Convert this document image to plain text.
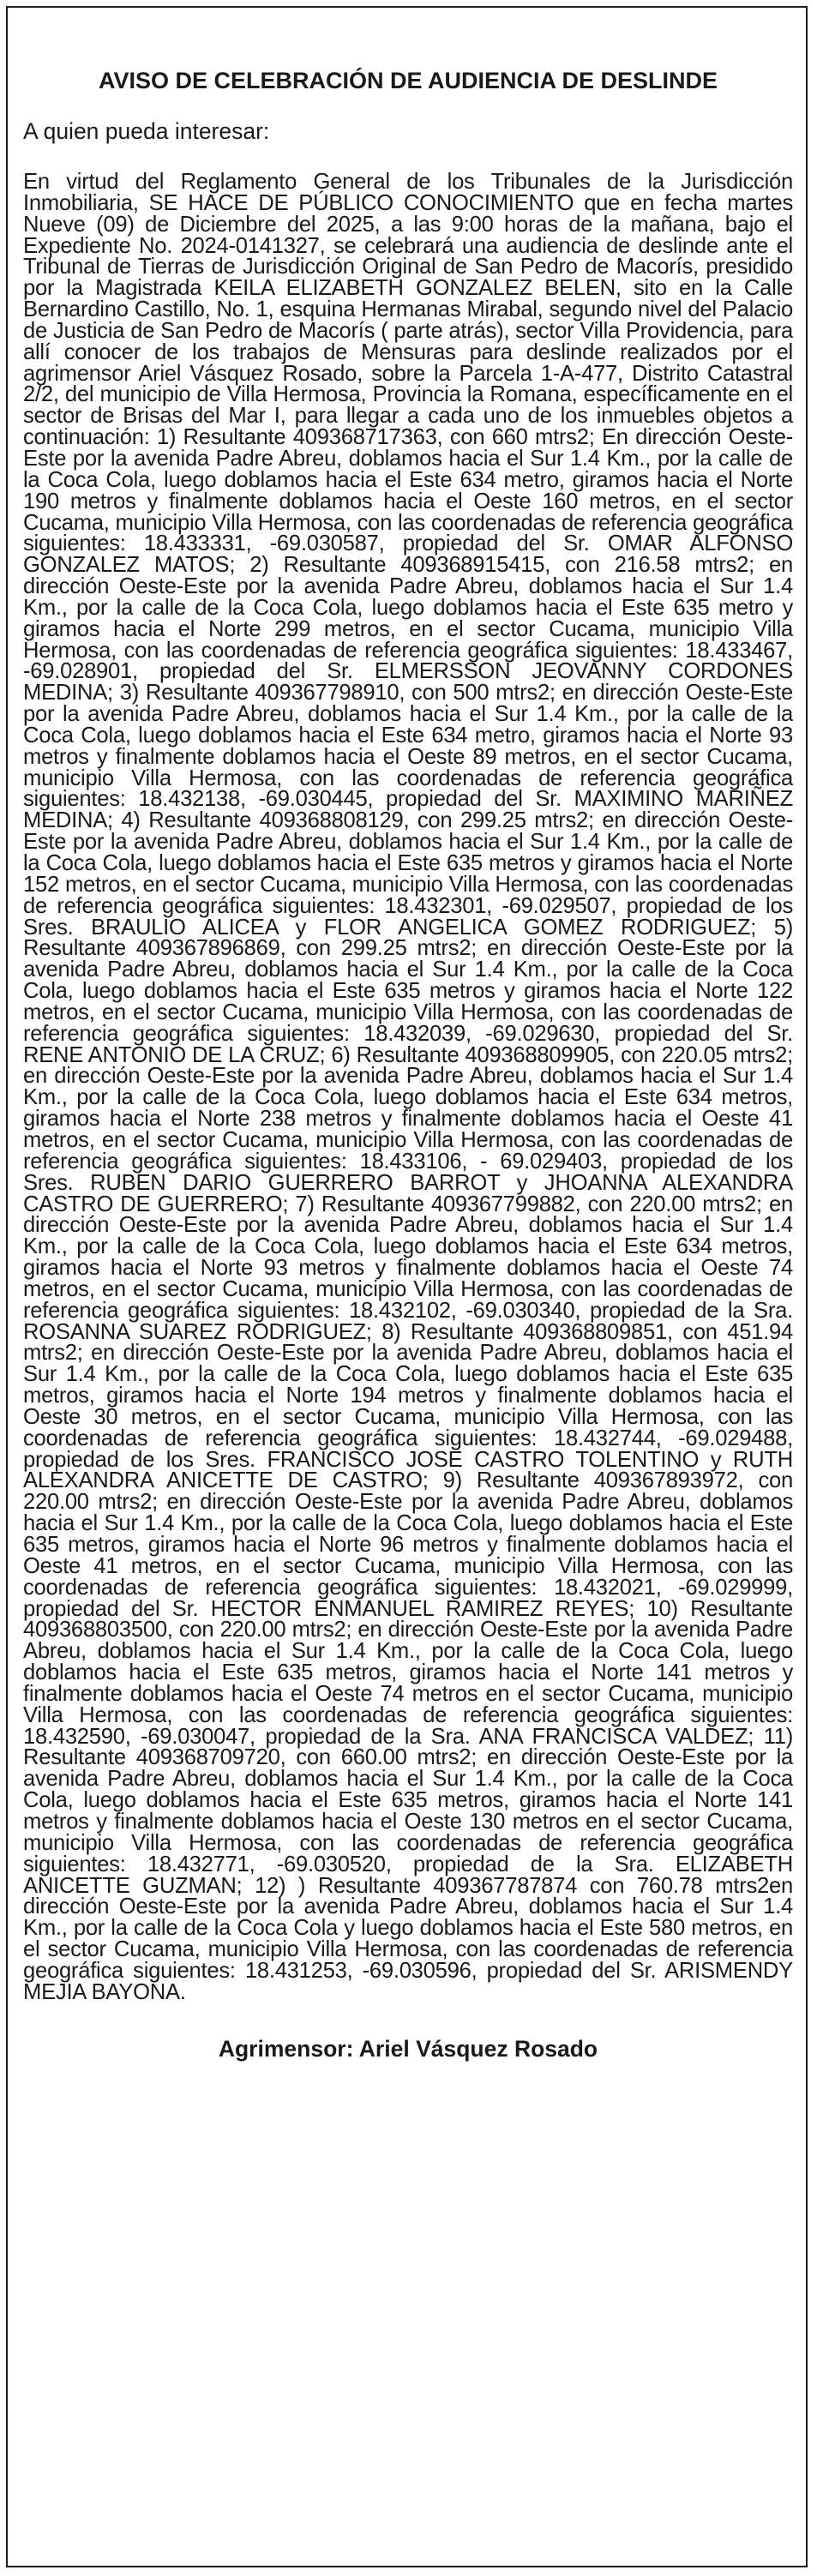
AVISO DE CELEBRACIÓN DE AUDIENCIA DE DESLINDE
A quien pueda interesar:
En virtud del Reglamento General de los Tribunales de la Jurisdicción Inmobiliaria, SE HACE DE PÚBLICO CONOCIMIENTO que en fecha martes Nueve (09) de Diciembre del 2025, a las 9:00 horas de la mañana, bajo el Expediente No. 2024-0141327, se celebrará una audiencia de deslinde ante el Tribunal de Tierras de Jurisdicción Original de San Pedro de Macorís, presidido por la Magistrada KEILA ELIZABETH GONZALEZ BELEN, sito en la Calle Bernardino Castillo, No. 1, esquina Hermanas Mirabal, segundo nivel del Palacio de Justicia de San Pedro de Macorís ( parte atrás), sector Villa Providencia, para allí conocer de los trabajos de Mensuras para deslinde realizados por el agrimensor Ariel Vásquez Rosado, sobre la Parcela 1-A-477, Distrito Catastral 2/2, del municipio de Villa Hermosa, Provincia la Romana, específicamente en el sector de Brisas del Mar I, para llegar a cada uno de los inmuebles objetos a continuación: 1) Resultante 409368717363, con 660 mtrs2; En dirección Oeste-Este por la avenida Padre Abreu, doblamos hacia el Sur 1.4 Km., por la calle de la Coca Cola, luego doblamos hacia el Este 634 metro, giramos hacia el Norte 190 metros y finalmente doblamos hacia el Oeste 160 metros, en el sector Cucama, municipio Villa Hermosa, con las coordenadas de referencia geográfica siguientes: 18.433331, -69.030587, propiedad del Sr. OMAR ALFONSO GONZALEZ MATOS; 2) Resultante 409368915415, con 216.58 mtrs2; en dirección Oeste-Este por la avenida Padre Abreu, doblamos hacia el Sur 1.4 Km., por la calle de la Coca Cola, luego doblamos hacia el Este 635 metro y giramos hacia el Norte 299 metros, en el sector Cucama, municipio Villa Hermosa, con las coordenadas de referencia geográfica siguientes: 18.433467, -69.028901, propiedad del Sr. ELMERSSON JEOVANNY CORDONES MEDINA; 3) Resultante 409367798910, con 500 mtrs2; en dirección Oeste-Este por la avenida Padre Abreu, doblamos hacia el Sur 1.4 Km., por la calle de la Coca Cola, luego doblamos hacia el Este 634 metro, giramos hacia el Norte 93 metros y finalmente doblamos hacia el Oeste 89 metros, en el sector Cucama, municipio Villa Hermosa, con las coordenadas de referencia geográfica siguientes: 18.432138, -69.030445, propiedad del Sr. MAXIMINO MARIÑEZ MEDINA; 4) Resultante 409368808129, con 299.25 mtrs2; en dirección Oeste-Este por la avenida Padre Abreu, doblamos hacia el Sur 1.4 Km., por la calle de la Coca Cola, luego doblamos hacia el Este 635 metros y giramos hacia el Norte 152 metros, en el sector Cucama, municipio Villa Hermosa, con las coordenadas de referencia geográfica siguientes: 18.432301, -69.029507, propiedad de los Sres. BRAULIO ALICEA y FLOR ANGELICA GOMEZ RODRIGUEZ; 5) Resultante 409367896869, con 299.25 mtrs2; en dirección Oeste-Este por la avenida Padre Abreu, doblamos hacia el Sur 1.4 Km., por la calle de la Coca Cola, luego doblamos hacia el Este 635 metros y giramos hacia el Norte 122 metros, en el sector Cucama, municipio Villa Hermosa, con las coordenadas de referencia geográfica siguientes: 18.432039, -69.029630, propiedad del Sr. RENE ANTONIO DE LA CRUZ; 6) Resultante 409368809905, con 220.05 mtrs2; en dirección Oeste-Este por la avenida Padre Abreu, doblamos hacia el Sur 1.4 Km., por la calle de la Coca Cola, luego doblamos hacia el Este 634 metros, giramos hacia el Norte 238 metros y finalmente doblamos hacia el Oeste 41 metros, en el sector Cucama, municipio Villa Hermosa, con las coordenadas de referencia geográfica siguientes: 18.433106, - 69.029403, propiedad de los Sres. RUBEN DARIO GUERRERO BARROT y JHOANNA ALEXANDRA CASTRO DE GUERRERO; 7) Resultante 409367799882, con 220.00 mtrs2; en dirección Oeste-Este por la avenida Padre Abreu, doblamos hacia el Sur 1.4 Km., por la calle de la Coca Cola, luego doblamos hacia el Este 634 metros, giramos hacia el Norte 93 metros y finalmente doblamos hacia el Oeste 74 metros, en el sector Cucama, municipio Villa Hermosa, con las coordenadas de referencia geográfica siguientes: 18.432102, -69.030340, propiedad de la Sra. ROSANNA SUAREZ RODRIGUEZ; 8) Resultante 409368809851, con 451.94 mtrs2; en dirección Oeste-Este por la avenida Padre Abreu, doblamos hacia el Sur 1.4 Km., por la calle de la Coca Cola, luego doblamos hacia el Este 635 metros, giramos hacia el Norte 194 metros y finalmente doblamos hacia el Oeste 30 metros, en el sector Cucama, municipio Villa Hermosa, con las coordenadas de referencia geográfica siguientes: 18.432744, -69.029488, propiedad de los Sres. FRANCISCO JOSE CASTRO TOLENTINO y RUTH ALEXANDRA ANICETTE DE CASTRO; 9) Resultante 409367893972, con 220.00 mtrs2; en dirección Oeste-Este por la avenida Padre Abreu, doblamos hacia el Sur 1.4 Km., por la calle de la Coca Cola, luego doblamos hacia el Este 635 metros, giramos hacia el Norte 96 metros y finalmente doblamos hacia el Oeste 41 metros, en el sector Cucama, municipio Villa Hermosa, con las coordenadas de referencia geográfica siguientes: 18.432021, -69.029999, propiedad del Sr. HECTOR ENMANUEL RAMIREZ REYES; 10) Resultante 409368803500, con 220.00 mtrs2; en dirección Oeste-Este por la avenida Padre Abreu, doblamos hacia el Sur 1.4 Km., por la calle de la Coca Cola, luego doblamos hacia el Este 635 metros, giramos hacia el Norte 141 metros y finalmente doblamos hacia el Oeste 74 metros en el sector Cucama, municipio Villa Hermosa, con las coordenadas de referencia geográfica siguientes: 18.432590, -69.030047, propiedad de la Sra. ANA FRANCISCA VALDEZ; 11) Resultante 409368709720, con 660.00 mtrs2; en dirección Oeste-Este por la avenida Padre Abreu, doblamos hacia el Sur 1.4 Km., por la calle de la Coca Cola, luego doblamos hacia el Este 635 metros, giramos hacia el Norte 141 metros y finalmente doblamos hacia el Oeste 130 metros en el sector Cucama, municipio Villa Hermosa, con las coordenadas de referencia geográfica siguientes: 18.432771, -69.030520, propiedad de la Sra. ELIZABETH ANICETTE GUZMAN; 12) ) Resultante 409367787874 con 760.78 mtrs2en dirección Oeste-Este por la avenida Padre Abreu, doblamos hacia el Sur 1.4 Km., por la calle de la Coca Cola y luego doblamos hacia el Este 580 metros, en el sector Cucama, municipio Villa Hermosa, con las coordenadas de referencia geográfica siguientes: 18.431253, -69.030596, propiedad del Sr. ARISMENDY MEJIA BAYONA.
Agrimensor: Ariel Vásquez Rosado
